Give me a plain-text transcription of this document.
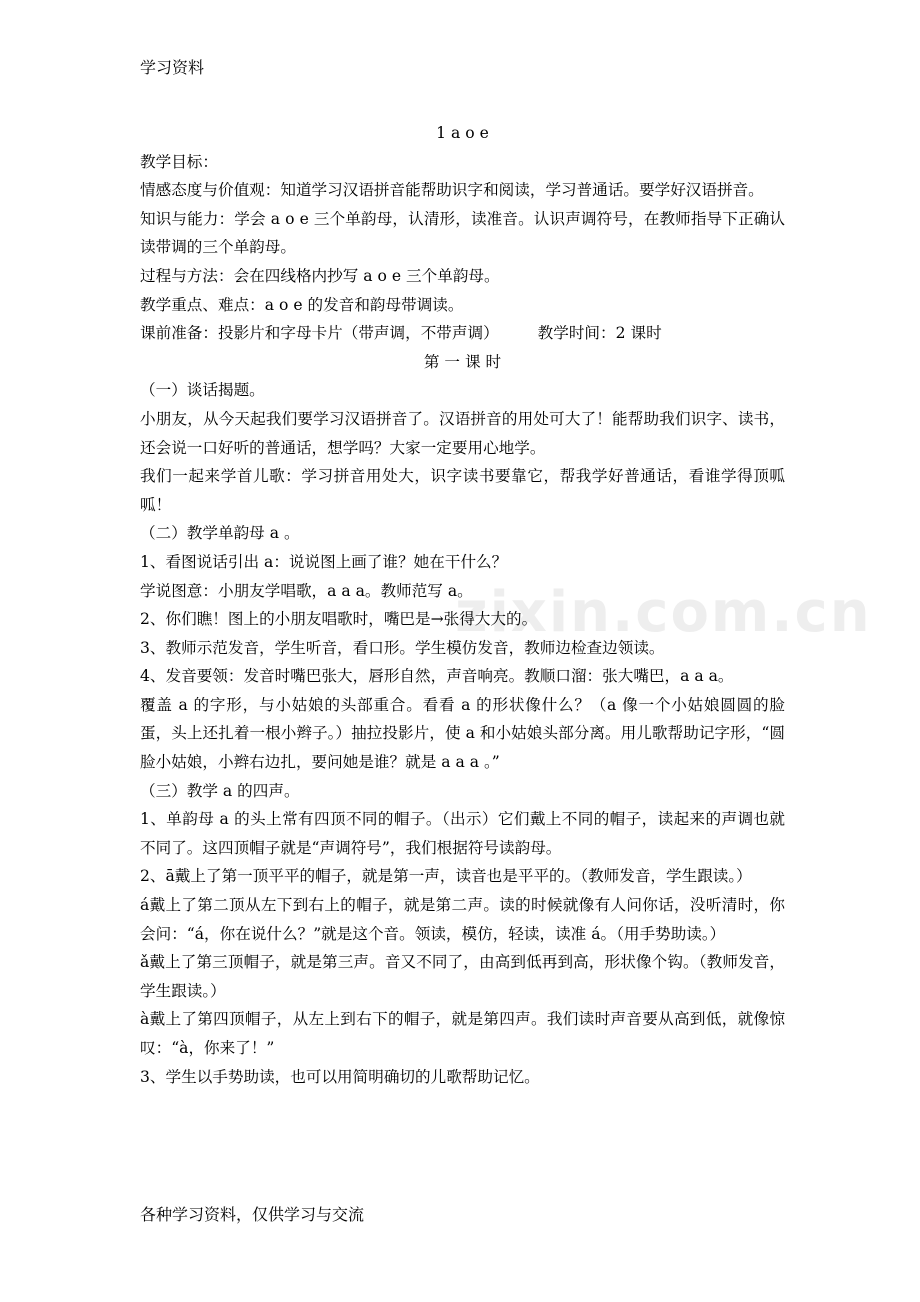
zixin.com.cn
学习资料

1 a o e

教学目标：

情感态度与价值观：知道学习汉语拼音能帮助识字和阅读，学习普通话。要学好汉语拼音。

知识与能力：学会 a o e 三个单韵母，认清形，读准音。认识声调符号，在教师指导下正确认读带调的三个单韵母。

过程与方法：会在四线格内抄写 a o e 三个单韵母。

教学重点、难点：a o e 的发音和韵母带调读。

课前准备：投影片和字母卡片（带声调，不带声调）　　　教学时间：2 课时

第 一 课 时

（一）谈话揭题。

小朋友，从今天起我们要学习汉语拼音了。汉语拼音的用处可大了！能帮助我们识字、读书，还会说一口好听的普通话，想学吗？大家一定要用心地学。

我们一起来学首儿歌：学习拼音用处大，识字读书要靠它，帮我学好普通话，看谁学得顶呱呱！

（二）教学单韵母 a 。

1、看图说话引出 a：说说图上画了谁？她在干什么？

学说图意：小朋友学唱歌，a a a。教师范写 a。

2、你们瞧！图上的小朋友唱歌时，嘴巴是→张得大大的。

3、教师示范发音，学生听音，看口形。学生模仿发音，教师边检查边领读。

4、发音要领：发音时嘴巴张大，唇形自然，声音响亮。教顺口溜：张大嘴巴，a a a。

覆盖 a 的字形，与小姑娘的头部重合。看看 a 的形状像什么？（a 像一个小姑娘圆圆的脸蛋，头上还扎着一根小辫子。）抽拉投影片，使 a 和小姑娘头部分离。用儿歌帮助记字形，“圆脸小姑娘，小辫右边扎，要问她是谁？就是 a a a 。”

（三）教学 a 的四声。

1、单韵母 a 的头上常有四顶不同的帽子。（出示）它们戴上不同的帽子，读起来的声调也就不同了。这四顶帽子就是“声调符号”，我们根据符号读韵母。

2、ā戴上了第一顶平平的帽子，就是第一声，读音也是平平的。（教师发音，学生跟读。）

á戴上了第二顶从左下到右上的帽子，就是第二声。读的时候就像有人问你话，没听清时，你会问：“á，你在说什么？”就是这个音。领读，模仿，轻读，读准 á。（用手势助读。）

ǎ戴上了第三顶帽子，就是第三声。音又不同了，由高到低再到高，形状像个钩。（教师发音，学生跟读。）

à戴上了第四顶帽子，从左上到右下的帽子，就是第四声。我们读时声音要从高到低，就像惊叹：“à，你来了！”

3、学生以手势助读，也可以用简明确切的儿歌帮助记忆。

各种学习资料，仅供学习与交流
